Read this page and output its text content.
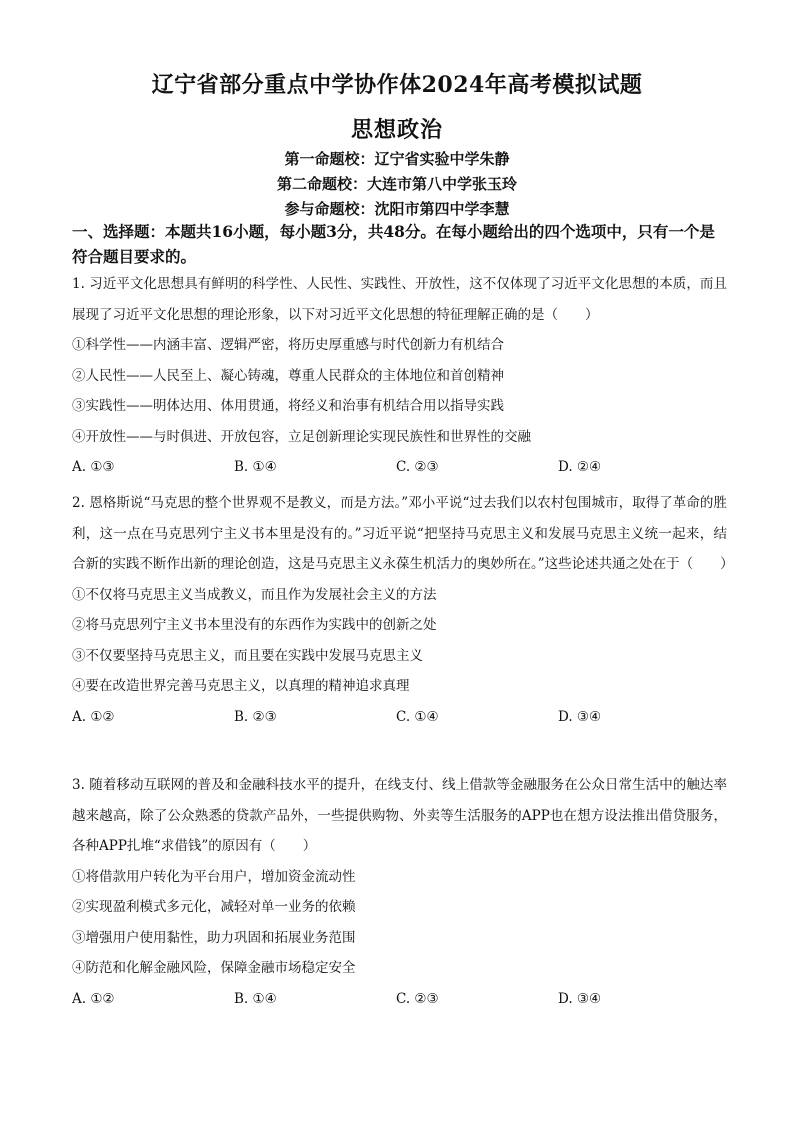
辽宁省部分重点中学协作体2024年高考模拟试题
思想政治
第一命题校：辽宁省实验中学朱静
第二命题校：大连市第八中学张玉玲
参与命题校：沈阳市第四中学李慧
一、选择题：本题共16小题，每小题3分，共48分。在每小题给出的四个选项中，只有一个是符合题目要求的。

1. 习近平文化思想具有鲜明的科学性、人民性、实践性、开放性，这不仅体现了习近平文化思想的本质，而且展现了习近平文化思想的理论形象，以下对习近平文化思想的特征理解正确的是（　　）

①科学性——内涵丰富、逻辑严密，将历史厚重感与时代创新力有机结合

②人民性——人民至上、凝心铸魂，尊重人民群众的主体地位和首创精神

③实践性——明体达用、体用贯通，将经义和治事有机结合用以指导实践

④开放性——与时俱进、开放包容，立足创新理论实现民族性和世界性的交融

A. ①③	B. ①④	C. ②③	D. ②④

2. 恩格斯说“马克思的整个世界观不是教义，而是方法。”邓小平说“过去我们以农村包围城市，取得了革命的胜利，这一点在马克思列宁主义书本里是没有的。”习近平说“把坚持马克思主义和发展马克思主义统一起来，结合新的实践不断作出新的理论创造，这是马克思主义永葆生机活力的奥妙所在。”这些论述共通之处在于（　　）

①不仅将马克思主义当成教义，而且作为发展社会主义的方法

②将马克思列宁主义书本里没有的东西作为实践中的创新之处

③不仅要坚持马克思主义，而且要在实践中发展马克思主义

④要在改造世界完善马克思主义，以真理的精神追求真理

A. ①②	B. ②③	C. ①④	D. ③④

3. 随着移动互联网的普及和金融科技水平的提升，在线支付、线上借款等金融服务在公众日常生活中的触达率越来越高，除了公众熟悉的贷款产品外，一些提供购物、外卖等生活服务的APP也在想方设法推出借贷服务，各种APP扎堆“求借钱”的原因有（　　）

①将借款用户转化为平台用户，增加资金流动性

②实现盈利模式多元化，减轻对单一业务的依赖

③增强用户使用黏性，助力巩固和拓展业务范围

④防范和化解金融风险，保障金融市场稳定安全

A. ①②	B. ①④	C. ②③	D. ③④
